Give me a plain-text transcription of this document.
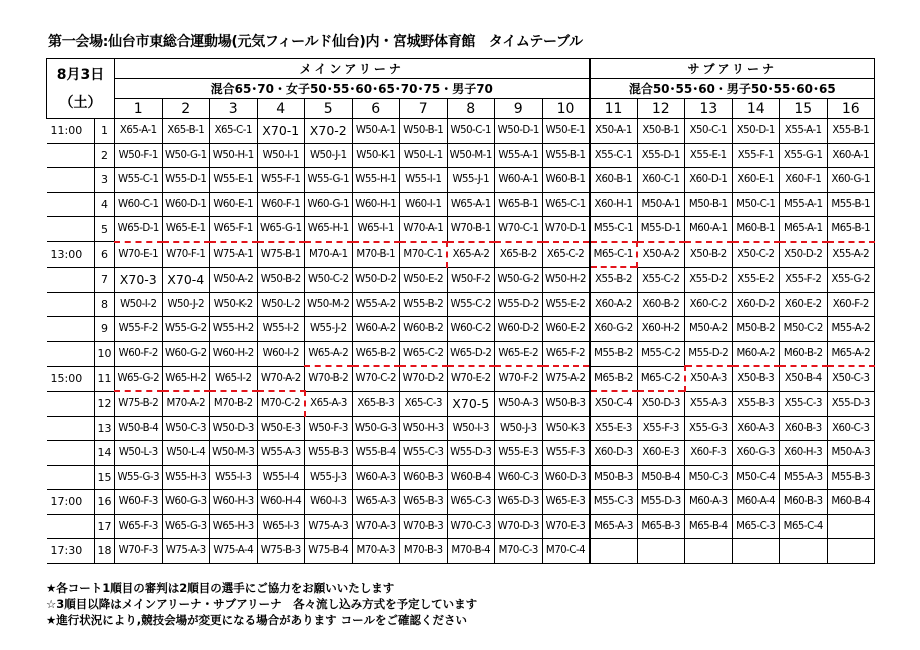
第一会場:仙台市東総合運動場(元気フィールド仙台)内・宮城野体育館　タイムテーブル
8月3日
（土）		メインアリーナ										サブアリーナ					
		混合65･70・女子50･55･60･65･70･75・男子70										混合50･55･60・男子50･55･60･65					
		1	2	3	4	5	6	7	8	9	10	11	12	13	14	15	16
11:00	1	X65-A-1	X65-B-1	X65-C-1	X70-1	X70-2	W50-A-1	W50-B-1	W50-C-1	W50-D-1	W50-E-1	X50-A-1	X50-B-1	X50-C-1	X50-D-1	X55-A-1	X55-B-1
	2	W50-F-1	W50-G-1	W50-H-1	W50-I-1	W50-J-1	W50-K-1	W50-L-1	W50-M-1	W55-A-1	W55-B-1	X55-C-1	X55-D-1	X55-E-1	X55-F-1	X55-G-1	X60-A-1
	3	W55-C-1	W55-D-1	W55-E-1	W55-F-1	W55-G-1	W55-H-1	W55-I-1	W55-J-1	W60-A-1	W60-B-1	X60-B-1	X60-C-1	X60-D-1	X60-E-1	X60-F-1	X60-G-1
	4	W60-C-1	W60-D-1	W60-E-1	W60-F-1	W60-G-1	W60-H-1	W60-I-1	W65-A-1	W65-B-1	W65-C-1	X60-H-1	M50-A-1	M50-B-1	M50-C-1	M55-A-1	M55-B-1
	5	W65-D-1	W65-E-1	W65-F-1	W65-G-1	W65-H-1	W65-I-1	W70-A-1	W70-B-1	W70-C-1	W70-D-1	M55-C-1	M55-D-1	M60-A-1	M60-B-1	M65-A-1	M65-B-1
13:00	6	W70-E-1	W70-F-1	W75-A-1	W75-B-1	M70-A-1	M70-B-1	M70-C-1	X65-A-2	X65-B-2	X65-C-2	M65-C-1	X50-A-2	X50-B-2	X50-C-2	X50-D-2	X55-A-2
	7	X70-3	X70-4	W50-A-2	W50-B-2	W50-C-2	W50-D-2	W50-E-2	W50-F-2	W50-G-2	W50-H-2	X55-B-2	X55-C-2	X55-D-2	X55-E-2	X55-F-2	X55-G-2
	8	W50-I-2	W50-J-2	W50-K-2	W50-L-2	W50-M-2	W55-A-2	W55-B-2	W55-C-2	W55-D-2	W55-E-2	X60-A-2	X60-B-2	X60-C-2	X60-D-2	X60-E-2	X60-F-2
	9	W55-F-2	W55-G-2	W55-H-2	W55-I-2	W55-J-2	W60-A-2	W60-B-2	W60-C-2	W60-D-2	W60-E-2	X60-G-2	X60-H-2	M50-A-2	M50-B-2	M50-C-2	M55-A-2
	10	W60-F-2	W60-G-2	W60-H-2	W60-I-2	W65-A-2	W65-B-2	W65-C-2	W65-D-2	W65-E-2	W65-F-2	M55-B-2	M55-C-2	M55-D-2	M60-A-2	M60-B-2	M65-A-2
15:00	11	W65-G-2	W65-H-2	W65-I-2	W70-A-2	W70-B-2	W70-C-2	W70-D-2	W70-E-2	W70-F-2	W75-A-2	M65-B-2	M65-C-2	X50-A-3	X50-B-3	X50-B-4	X50-C-3
	12	W75-B-2	M70-A-2	M70-B-2	M70-C-2	X65-A-3	X65-B-3	X65-C-3	X70-5	W50-A-3	W50-B-3	X50-C-4	X50-D-3	X55-A-3	X55-B-3	X55-C-3	X55-D-3
	13	W50-B-4	W50-C-3	W50-D-3	W50-E-3	W50-F-3	W50-G-3	W50-H-3	W50-I-3	W50-J-3	W50-K-3	X55-E-3	X55-F-3	X55-G-3	X60-A-3	X60-B-3	X60-C-3
	14	W50-L-3	W50-L-4	W50-M-3	W55-A-3	W55-B-3	W55-B-4	W55-C-3	W55-D-3	W55-E-3	W55-F-3	X60-D-3	X60-E-3	X60-F-3	X60-G-3	X60-H-3	M50-A-3
	15	W55-G-3	W55-H-3	W55-I-3	W55-I-4	W55-J-3	W60-A-3	W60-B-3	W60-B-4	W60-C-3	W60-D-3	M50-B-3	M50-B-4	M50-C-3	M50-C-4	M55-A-3	M55-B-3
17:00	16	W60-F-3	W60-G-3	W60-H-3	W60-H-4	W60-I-3	W65-A-3	W65-B-3	W65-C-3	W65-D-3	W65-E-3	M55-C-3	M55-D-3	M60-A-3	M60-A-4	M60-B-3	M60-B-4
	17	W65-F-3	W65-G-3	W65-H-3	W65-I-3	W75-A-3	W70-A-3	W70-B-3	W70-C-3	W70-D-3	W70-E-3	M65-A-3	M65-B-3	M65-B-4	M65-C-3	M65-C-4	
17:30	18	W70-F-3	W75-A-3	W75-A-4	W75-B-3	W75-B-4	M70-A-3	M70-B-3	M70-B-4	M70-C-3	M70-C-4						
★各コート1順目の審判は2順目の選手にご協力をお願いいたします
☆3順目以降はメインアリーナ・サブアリーナ　各々流し込み方式を予定しています
★進行状況により,競技会場が変更になる場合があります コールをご確認ください
